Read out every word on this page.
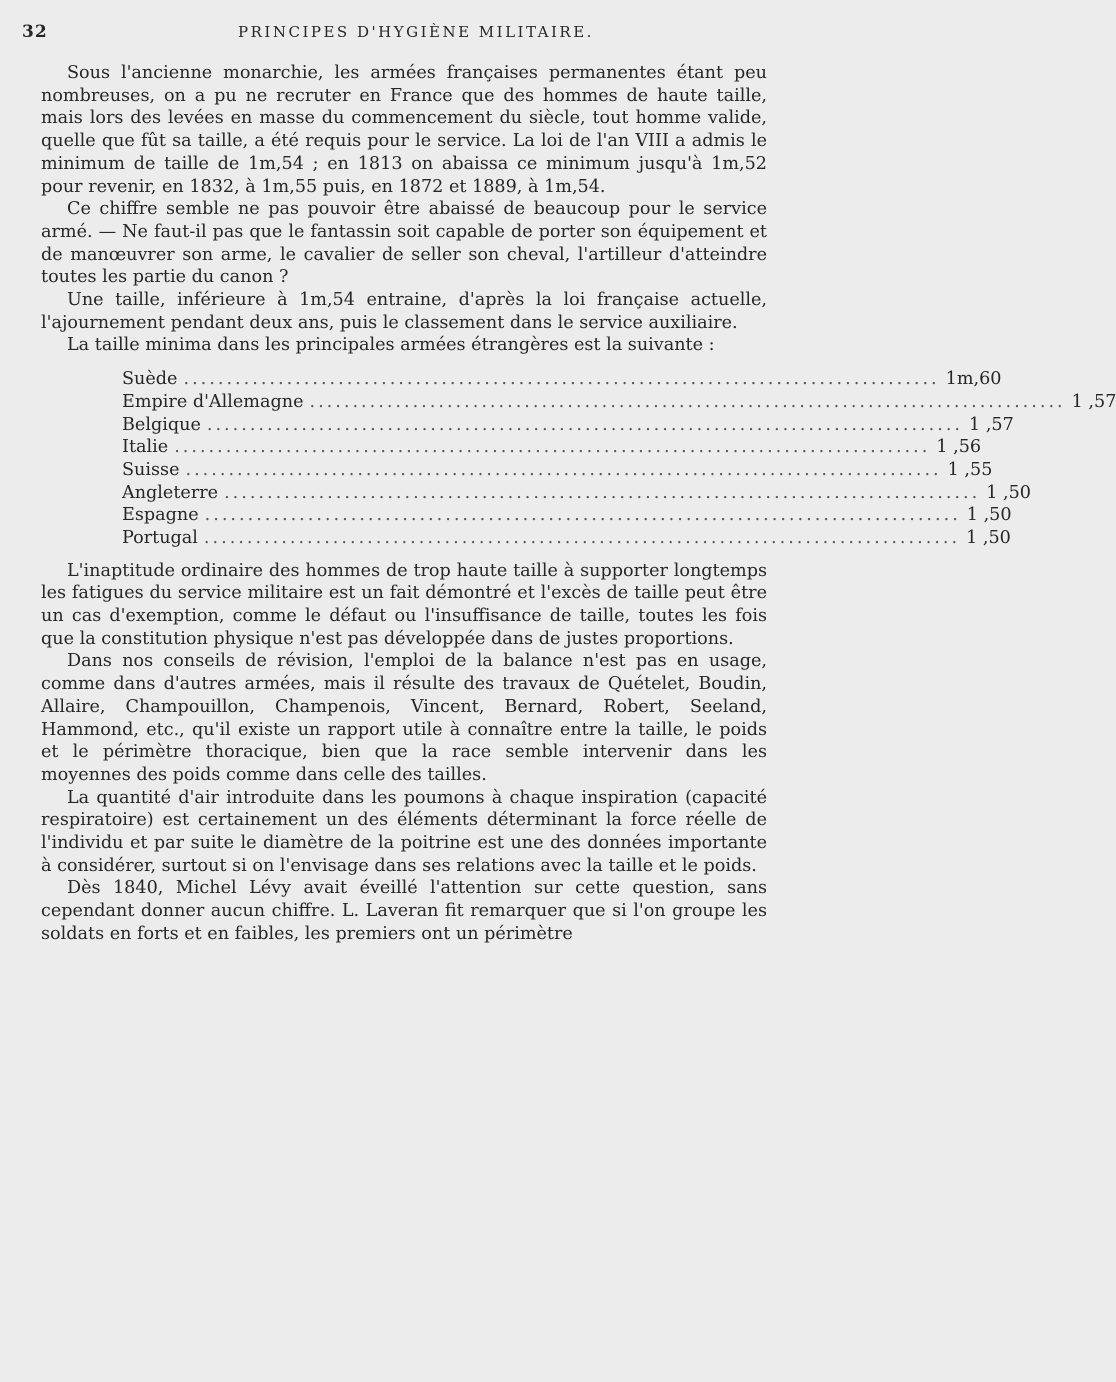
32	PRINCIPES D'HYGIÈNE MILITAIRE.

Sous l'ancienne monarchie, les armées françaises permanentes étant peu nombreuses, on a pu ne recruter en France que des hommes de haute taille, mais lors des levées en masse du commencement du siècle, tout homme valide, quelle que fût sa taille, a été requis pour le service. La loi de l'an VIII a admis le minimum de taille de 1m,54 ; en 1813 on abaissa ce minimum jusqu'à 1m,52 pour revenir, en 1832, à 1m,55 puis, en 1872 et 1889, à 1m,54.

Ce chiffre semble ne pas pouvoir être abaissé de beaucoup pour le service armé. — Ne faut-il pas que le fantassin soit capable de porter son équipement et de manœuvrer son arme, le cavalier de seller son cheval, l'artilleur d'atteindre toutes les partie du canon ?

Une taille, inférieure à 1m,54 entraine, d'après la loi française actuelle, l'ajournement pendant deux ans, puis le classement dans le service auxiliaire.

La taille minima dans les principales armées étrangères est la suivante :

Suède ........................................................................................ 1m,60
Empire d'Allemagne ........................................................................................ 1 ,57
Belgique ........................................................................................ 1 ,57
Italie ........................................................................................ 1 ,56
Suisse ........................................................................................ 1 ,55
Angleterre ........................................................................................ 1 ,50
Espagne ........................................................................................ 1 ,50
Portugal ........................................................................................ 1 ,50

L'inaptitude ordinaire des hommes de trop haute taille à supporter longtemps les fatigues du service militaire est un fait démontré et l'excès de taille peut être un cas d'exemption, comme le défaut ou l'insuffisance de taille, toutes les fois que la constitution physique n'est pas développée dans de justes proportions.

Dans nos conseils de révision, l'emploi de la balance n'est pas en usage, comme dans d'autres armées, mais il résulte des travaux de Quételet, Boudin, Allaire, Champouillon, Champenois, Vincent, Bernard, Robert, Seeland, Hammond, etc., qu'il existe un rapport utile à connaître entre la taille, le poids et le périmètre thoracique, bien que la race semble intervenir dans les moyennes des poids comme dans celle des tailles.

La quantité d'air introduite dans les poumons à chaque inspiration (capacité respiratoire) est certainement un des éléments déterminant la force réelle de l'individu et par suite le diamètre de la poitrine est une des données importante à considérer, surtout si on l'envisage dans ses relations avec la taille et le poids.

Dès 1840, Michel Lévy avait éveillé l'attention sur cette question, sans cependant donner aucun chiffre. L. Laveran fit remarquer que si l'on groupe les soldats en forts et en faibles, les premiers ont un périmètre
